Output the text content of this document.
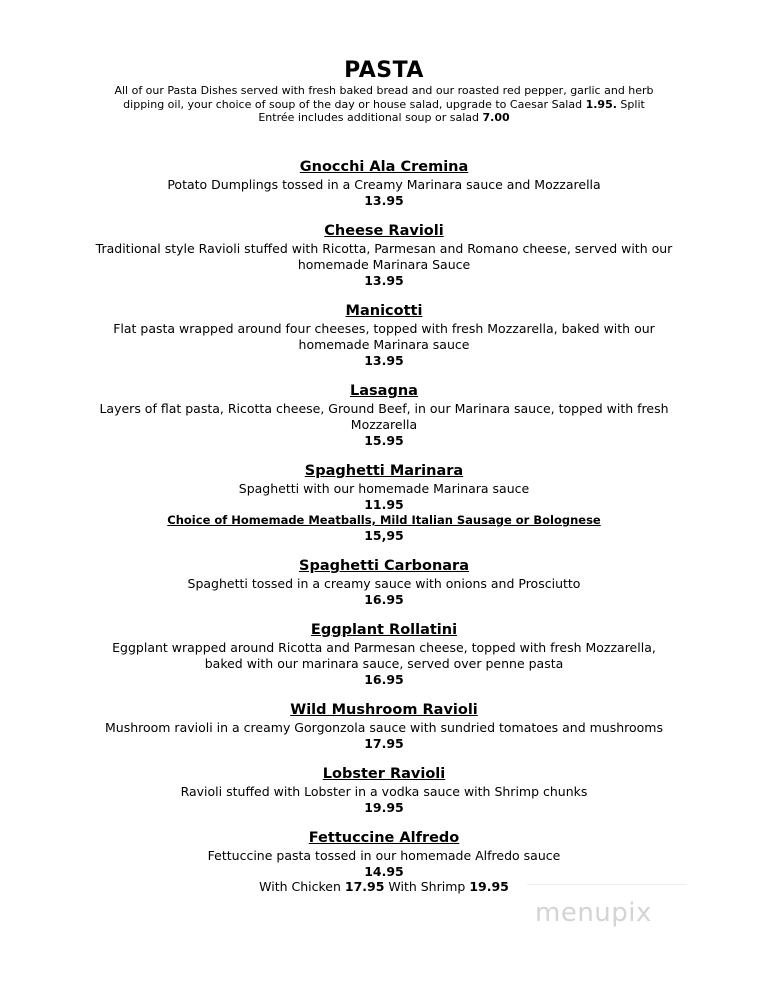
PASTA
All of our Pasta Dishes served with fresh baked bread and our roasted red pepper, garlic and herb dipping oil, your choice of soup of the day or house salad, upgrade to Caesar Salad 1.95. Split Entrée includes additional soup or salad 7.00
Gnocchi Ala Cremina
Potato Dumplings tossed in a Creamy Marinara sauce and Mozzarella
13.95
Cheese Ravioli
Traditional style Ravioli stuffed with Ricotta, Parmesan and Romano cheese, served with our homemade Marinara Sauce
13.95
Manicotti
Flat pasta wrapped around four cheeses, topped with fresh Mozzarella, baked with our homemade Marinara sauce
13.95
Lasagna
Layers of flat pasta, Ricotta cheese, Ground Beef, in our Marinara sauce, topped with fresh Mozzarella
15.95
Spaghetti Marinara
Spaghetti with our homemade Marinara sauce
11.95
Choice of Homemade Meatballs, Mild Italian Sausage or Bolognese
15,95
Spaghetti Carbonara
Spaghetti tossed in a creamy sauce with onions and Prosciutto
16.95
Eggplant Rollatini
Eggplant wrapped around Ricotta and Parmesan cheese, topped with fresh Mozzarella, baked with our marinara sauce, served over penne pasta
16.95
Wild Mushroom Ravioli
Mushroom ravioli in a creamy Gorgonzola sauce with sundried tomatoes and mushrooms
17.95
Lobster Ravioli
Ravioli stuffed with Lobster in a vodka sauce with Shrimp chunks
19.95
Fettuccine Alfredo
Fettuccine pasta tossed in our homemade Alfredo sauce
14.95
With Chicken 17.95 With Shrimp 19.95
menupix
